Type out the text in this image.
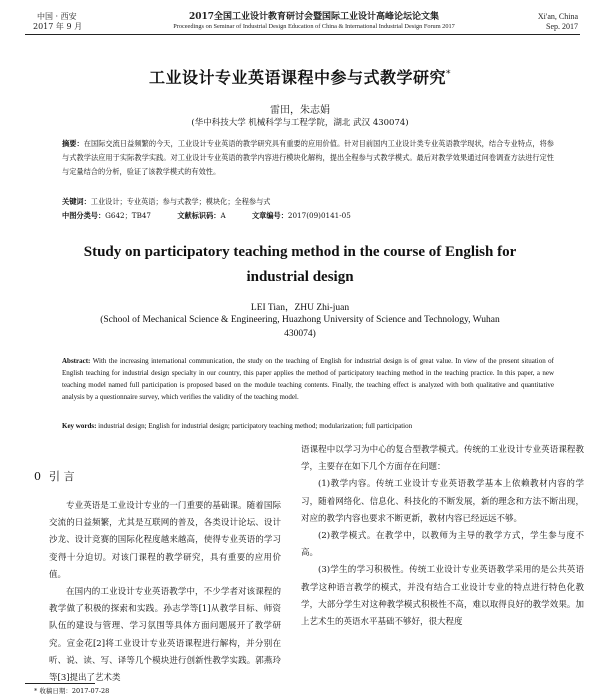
中国 · 西安
2017 年 9 月
2017全国工业设计教育研讨会暨国际工业设计高峰论坛论文集
Proceedings on Seminar of Industrial Design Education of China & International Industrial Design Forum 2017
Xi'an, China
Sep. 2017
工业设计专业英语课程中参与式教学研究*
雷田，朱志娟
(华中科技大学 机械科学与工程学院，湖北 武汉 430074)
摘要：在国际交流日益频繁的今天，工业设计专业英语的教学研究具有重要的应用价值。针对目前国内工业设计类专业英语教学现状，结合专业特点，将参与式教学法应用于实际教学实践。对工业设计专业英语的教学内容进行模块化解构，提出全程参与式教学模式。最后对教学效果通过问卷调查方法进行定性与定量结合的分析，验证了该教学模式的有效性。
关键词：工业设计；专业英语；参与式教学；模块化；全程参与式
中图分类号：G642；TB47	文献标识码：A	文章编号：2017(09)0141-05
Study on participatory teaching method in the course of English for industrial design
LEI Tian，ZHU Zhi-juan
(School of Mechanical Science & Engineering, Huazhong University of Science and Technology, Wuhan 430074)
Abstract: With the increasing international communication, the study on the teaching of English for industrial design is of great value. In view of the present situation of English teaching for industrial design specialty in our country, this paper applies the method of participatory teaching method in the teaching practice. In this paper, a new teaching model named full participation is proposed based on the module teaching contents. Finally, the teaching effect is analyzed with both qualitative and quantitative analysis by a questionnaire survey, which verifies the validity of the teaching model.
Key words: industrial design; English for industrial design; participatory teaching method; modularization; full participation
0 引 言

专业英语是工业设计专业的一门重要的基础课。随着国际交流的日益频繁，尤其是互联网的普及，各类设计论坛、设计沙龙、设计竞赛的国际化程度越来越高，使得专业英语的学习变得十分迫切。对该门课程的教学研究，具有重要的应用价值。

在国内的工业设计专业英语教学中，不少学者对该课程的教学做了积极的探索和实践。孙志学等[1]从教学目标、师资队伍的建设与管理、学习氛围等具体方面问题展开了教学研究。宣金花[2]将工业设计专业英语课程进行解构，并分别在听、说、读、写、译等几个模块进行创新性教学实践。郭燕玲等[3]提出了艺术类

语课程中以学习为中心的复合型教学模式。传统的工业设计专业英语课程教学，主要存在如下几个方面存在问题：

(1)教学内容。传统工业设计专业英语教学基本上依赖教材内容的学习，随着网络化、信息化、科技化的不断发展，新的理念和方法不断出现，对应的教学内容也要求不断更新，教材内容已经远远不够。

(2)教学模式。在教学中，以教师为主导的教学方式，学生参与度不高。

(3)学生的学习积极性。传统工业设计专业英语教学采用的是公共英语教学这种语言教学的模式，并没有结合工业设计专业的特点进行特色化教学，大部分学生对这种教学模式积极性不高，难以取得良好的教学效果。加上艺术生的英语水平基础不够好，很大程度

* 收稿日期：2017-07-28
